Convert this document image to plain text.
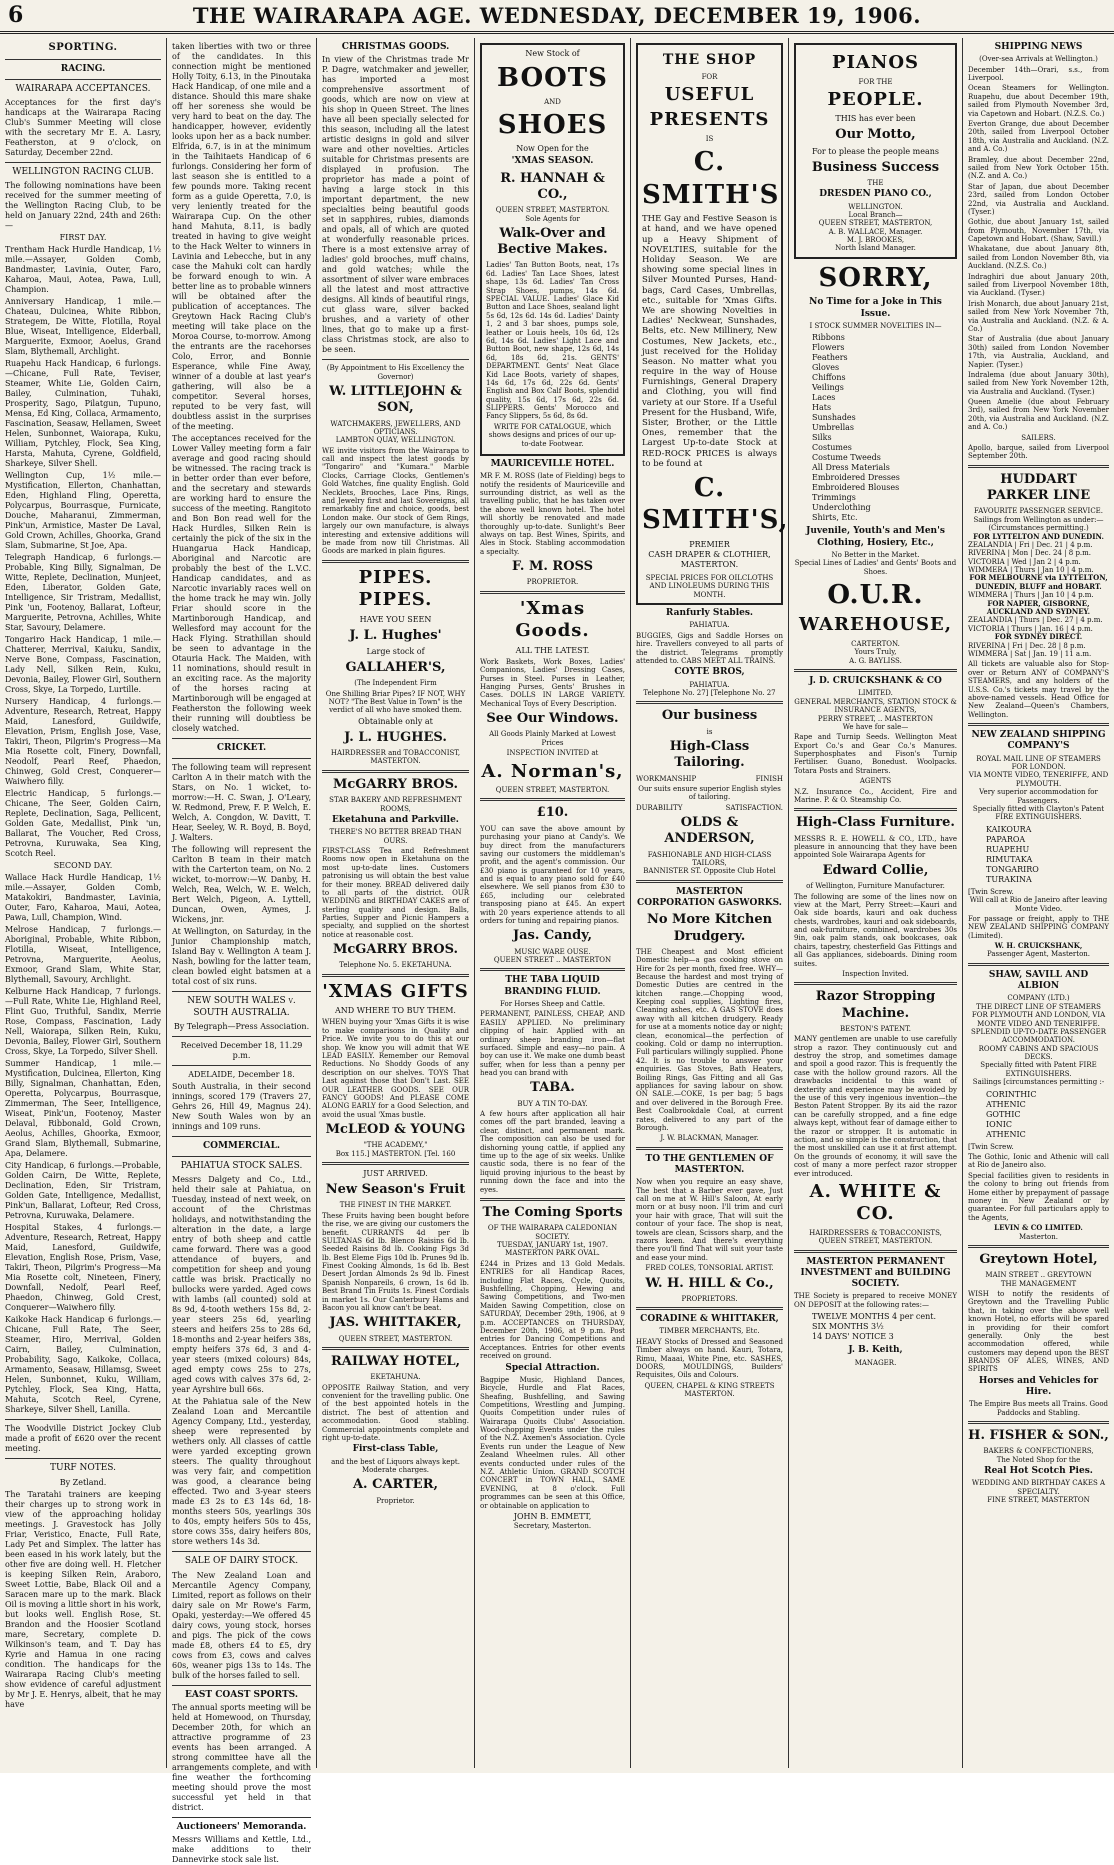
6	THE WAIRARAPA AGE. WEDNESDAY, DECEMBER 19, 1906.
SPORTING.
RACING.
WAIRARAPA ACCEPTANCES.

Acceptances for the first day's handicaps at the Wairarapa Racing Club's Summer Meeting will close with the secretary Mr E. A. Lasry, Featherston, at 9 o'clock, on Saturday, December 22nd.

WELLINGTON RACING CLUB.

The following nominations have been received for the summer meeting of the Wellington Racing Club, to be held on January 22nd, 24th and 26th:—

FIRST DAY.

Trentham Hack Hurdle Handicap, 1½ mile.—Assayer, Golden Comb, Bandmaster, Lavinia, Outer, Faro, Kaharoa, Maui, Aotea, Pawa, Lull, Champion.

Anniversary Handicap, 1 mile.—Chateau, Dulcinea, White Ribbon, Strategem, De Witte, Flotilla, Royal Blue, Wiseat, Intelligence, Elderball, Marguerite, Exmoor, Aoelus, Grand Slam, Blythemall, Archlight.

Ruapehu Hack Handicap, 6 furlongs.—Chicane, Full Rate, Teviser, Steamer, White Lie, Golden Cairn, Bailey, Culmination, Tuhaki, Prosperity, Sago, Pilatgun, Tupuno, Mensa, Ed King, Collaca, Armamento, Fascination, Seasaw, Hellamen, Sweet Helen, Sunbonnet, Waiorapa, Kuku, William, Pytchley, Flock, Sea King, Harsta, Mahuta, Cyrene, Goldfield, Sharkeye, Silver Shell.

Wellington Cup, 1½ mile.—Mystification, Ellerton, Chanhattan, Eden, Highland Fling, Operetta, Polycarpus, Bourrasque, Furnicate, Douche, Maharanui, Zimmerman, Pink'un, Armistice, Master De Laval, Gold Crown, Achilles, Ghoorka, Grand Slam, Submarine, St Joe, Apa.

Telegraph Handicap, 6 furlongs.—Probable, King Billy, Signalman, De Witte, Replete, Declination, Munjeet, Eden, Liberator, Golden Gate, Intelligence, Sir Tristram, Medallist, Pink 'un, Footenoy, Ballarat, Lofteur, Marguerite, Petrovna, Achilles, White Star, Savoury, Delamere.

Tongariro Hack Handicap, 1 mile.—Chatterer, Merrival, Kaiuku, Sandix, Nerve Bone, Compass, Fascination, Lady Nell, Silken Rein, Kuku, Devonia, Bailey, Flower Girl, Southern Cross, Skye, La Torpedo, Lurtille.

Nursery Handicap, 4 furlongs.—Adventure, Research, Retreat, Happy Maid, Lanesford, Guildwife, Elevation, Prism, English Jose, Vase, Takiri, Theon, Pilgrim's Progress—Ma Mia Rosette colt, Finery, Downfall, Neodolf, Pearl Reef, Phaedon, Chinweg, Gold Crest, Conquerer—Waiwhero filly.

Electric Handicap, 5 furlongs.—Chicane, The Seer, Golden Cairn, Replete, Declination, Saga, Pellicent, Golden Gate, Medallist, Pink 'un, Ballarat, The Voucher, Red Cross, Petrovna, Kuruwaka, Sea King, Scotch Reel.

SECOND DAY.

Wallace Hack Hurdle Handicap, 1½ mile.—Assayer, Golden Comb, Matakokiri, Bandmaster, Lavinia, Outer, Faro, Kaharoa, Maui, Aotea, Pawa, Lull, Champion, Wind.

Melrose Handicap, 7 furlongs.—Aboriginal, Probable, White Ribbon, Flotilla, Wiseat, Intelligence, Petrovna, Marguerite, Aeolus, Exmoor, Grand Slam, White Star, Blythemall, Savoury, Archlight.

Kelburne Hack Handicap, 7 furlongs.—Full Rate, White Lie, Highland Reel, Flint Guo, Truthful, Sandix, Merrie Rose, Compass, Fascination, Lady Nell, Waiorapa, Silken Rein, Kuku, Devonia, Bailey, Flower Girl, Southern Cross, Skye, La Torpedo, Silver Shell.

Summer Handicap, 1 mile.—Mystification, Dulcinea, Ellerton, King Billy, Signalman, Chanhattan, Eden, Operetta, Polycarpus, Bourrasque, Zimmerman, The Seer, Intelligence, Wiseat, Pink'un, Footenoy, Master Delaval, Ribbonald, Gold Crown, Aeolus, Achilles, Ghoorka, Exmoor, Grand Slam, Blythemall, Submarine, Apa, Delamere.

City Handicap, 6 furlongs.—Probable, Golden Cairn, De Witte, Replete, Declination, Eden, Sir Tristram, Golden Gate, Intelligence, Medallist, Pink'un, Ballarat, Lofteur, Red Cross, Petrovna, Kuruwaka, Delamere.

Hospital Stakes, 4 furlongs.—Adventure, Research, Retreat, Happy Maid, Lanesford, Guildwife, Elevation, English Rose, Prism, Vase, Takiri, Theon, Pilgrim's Progress—Ma Mia Rosette colt, Nineteen, Finery, Downfall, Nedolf, Pearl Reef, Phaedon, Chinweg, Gold Crest, Conquerer—Waiwhero filly.

Kaikoke Hack Handicap 6 furlongs.—Chicane, Full Rate, The Seer, Steamer, Hiro, Merrival, Golden Cairn, Bailey, Culmination, Probability, Sago, Kaikoke, Collaca, Armamento, Seasaw, Hillamsg, Sweet Helen, Sunbonnet, Kuku, William, Pytchley, Flock, Sea King, Hatta, Mahuta, Scotch Reel, Cyrene, Sharkeye, Silver Shell, Lanilla.

The Woodville District Jockey Club made a profit of £620 over the recent meeting.

TURF NOTES.
By Zetland.

The Taratahi trainers are keeping their charges up to strong work in view of the approaching holiday meetings. J. Gravestock has Jolly Friar, Veristico, Enacte, Full Rate, Lady Pet and Simplex. The latter has been eased in his work lately, but the other five are doing well. H. Fletcher is keeping Silken Rein, Araboro, Sweet Lottie, Babe, Black Oil and a Saracen mare up to the mark. Black Oil is moving a little short in his work, but looks well. English Rose, St. Brandon and the Hoosier Scotland mare, Secretary, complete D. Wilkinson's team, and T. Day has Kyrie and Hamua in one racing condition. The handicaps for the Wairarapa Racing Club's meeting show evidence of careful adjustment by Mr J. E. Henrys, albeit, that he may have

taken liberties with two or three of the candidates. In this connection might be mentioned Holly Toity, 6.13, in the Pinoutaka Hack Handicap, of one mile and a distance. Should this mare shake off her soreness she would be very hard to beat on the day. The handicapper, however, evidently looks upon her as a back number. Elfrida, 6.7, is in at the minimum in the Taihitaets Handicap of 6 furlongs. Considering her form of last season she is entitled to a few pounds more. Taking recent form as a guide Operetta, 7.0, is very leniently treated for the Wairarapa Cup. On the other hand Mahuta, 8.11, is badly treated in having to give weight to the Hack Welter to winners in Lavinia and Lebecche, but in any case the Mahuki colt can hardly be forward enough to win. A better line as to probable winners will be obtained after the publication of acceptances. The Greytown Hack Racing Club's meeting will take place on the Moroa Course, to-morrow. Among the entrants are the racehorses Colo, Error, and Bonnie Esperance, while Fine Away, winner of a double at last year's gathering, will also be a competitor. Several horses, reputed to be very fast, will doubtless assist in the surprises of the meeting.

The acceptances received for the Lower Valley meeting form a fair average and good racing should be witnessed. The racing track is in better order than ever before, and the secretary and stewards are working hard to ensure the success of the meeting. Rangitoto and Bon Bon read well for the Hack Hurdles, Silken Rein is certainly the pick of the six in the Huangarua Hack Handicap, Aboriginal and Narcotic are probably the best of the L.V.C. Handicap candidates, and as Narcotic invariably races well on the home track he may win. Jolly Friar should score in the Martinborough Handicap, and Wellesford may account for the Hack Flying. Strathillan should be seen to advantage in the Otauria Hack. The Maiden, with 11 nominations, should result in an exciting race. As the majority of the horses racing at Martinborough will be engaged at Featherston the following week their running will doubtless be closely watched.

CRICKET.

The following team will represent Carlton A in their match with the Stars, on No. 1 wicket, to-morrow:—H. C. Swan, J. O'Leary, W. Redmond, Prew, F. P. Welch, E. Welch, A. Congdon, W. Davitt, T. Hear, Seeley, W. R. Boyd, B. Boyd, J. Walters.

The following will represent the Carlton B team in their match with the Carterton team, on No. 2 wicket, to-morrow:—W. Danby, H. Welch, Rea, Welch, W. E. Welch, Bert Welch, Pigeon, A. Lyttell, Duncan, Owen, Aymes, J. Wickens, jnr.

At Wellington, on Saturday, in the Junior Championship match, Island Bay v. Wellington A team J. Nash, bowling for the latter team, clean bowled eight batsmen at a total cost of six runs.

NEW SOUTH WALES v. SOUTH AUSTRALIA.
By Telegraph—Press Association.
Received December 18, 11.29 p.m.
ADELAIDE, December 18.

South Australia, in their second innings, scored 179 (Travers 27, Gehrs 26, Hill 49, Magnus 24). New South Wales won by an innings and 109 runs.

COMMERCIAL.
PAHIATUA STOCK SALES.

Messrs Dalgety and Co., Ltd., held their sale at Pahiatua, on Tuesday, instead of next week, on account of the Christmas holidays, and notwithstanding the alteration in the date, a large entry of both sheep and cattle came forward. There was a good attendance of buyers, and competition for sheep and young cattle was brisk. Practically no bullocks were yarded. Aged cows with lambs (all counted) sold at 8s 9d, 4-tooth wethers 15s 8d, 2-year steers 25s 6d, yearling steers and heifers 25s to 28s 6d, 18-months and 2-year heifers 38s, empty heifers 37s 6d, 3 and 4-year steers (mixed colours) 84s, aged empty cows 25s to 27s, aged cows with calves 37s 6d, 2-year Ayrshire bull 66s.

At the Pahiatua sale of the New Zealand Loan and Mercantile Agency Company, Ltd., yesterday, sheep were represented by wethers only. All classes of cattle were yarded excepting grown steers. The quality throughout was very fair, and competition was good, a clearance being effected. Two and 3-year steers made £3 2s to £3 14s 6d, 18-months steers 50s, yearlings 30s to 40s, empty heifers 50s to 45s, store cows 35s, dairy heifers 80s, store wethers 14s 3d.

SALE OF DAIRY STOCK.

The New Zealand Loan and Mercantile Agency Company, Limited, report as follows on their dairy sale on Mr Rowe's Farm, Opaki, yesterday:—We offered 45 dairy cows, young stock, horses and pigs. The pick of the cows made £8, others £4 to £5, dry cows from £3, cows and calves 60s, weaner pigs 13s to 14s. The bulk of the horses failed to sell.

EAST COAST SPORTS.

The annual sports meeting will be held at Homewood, on Thursday, December 20th, for which an attractive programme of 23 events has been arranged. A strong committee have all the arrangements complete, and with fine weather the forthcoming meeting should prove the most successful yet held in that district.

Auctioneers' Memoranda.

Messrs Williams and Kettle, Ltd., make additions to their Dannevirke stock sale list.

CHRISTMAS GOODS.

In view of the Christmas trade Mr P. Dagre, watchmaker and jeweller, has imported a most comprehensive assortment of goods, which are now on view at his shop in Queen Street. The lines have all been specially selected for this season, including all the latest artistic designs in gold and silver ware and other novelties. Articles suitable for Christmas presents are displayed in profusion. The proprietor has made a point of having a large stock in this important department, the new specialties being beautiful goods set in sapphires, rubies, diamonds and opals, all of which are quoted at wonderfully reasonable prices. There is a most extensive array of ladies' gold brooches, muff chains, and gold watches; while the assortment of silver ware embraces all the latest and most attractive designs. All kinds of beautiful rings, cut glass ware, silver backed brushes, and a variety of other lines, that go to make up a first-class Christmas stock, are also to be seen.

(By Appointment to His Excellency the Governor)
W. LITTLEJOHN & SON,
WATCHMAKERS, JEWELLERS, AND OPTICIANS.
LAMBTON QUAY, WELLINGTON.

WE invite visitors from the Wairarapa to call and inspect the latest goods by "Tongariro" and "Kumara." Marble Clocks, Carriage Clocks, Gentlemen's Gold Watches, fine quality English. Gold Necklets, Brooches, Lace Pins, Rings, and Jewelry first and last Sovereigns, all remarkably fine and choice, goods, best London make. Our stock of Gem Rings, largely our own manufacture, is always interesting and extensive additions will be made from now till Christmas. All Goods are marked in plain figures.

PIPES. PIPES.
HAVE YOU SEEN
J. L. Hughes'
Large stock of
GALLAHER'S,
(The Independent Firm

One Shilling Briar Pipes? IF NOT, WHY NOT? "The Best Value in Town" is the verdict of all who have smoked them.

Obtainable only at
J. L. HUGHES.
HAIRDRESSER and TOBACCONIST, MASTERTON.
McGARRY BROS.
STAR BAKERY AND REFRESHMENT ROOMS,
Eketahuna and Parkville.
THERE'S NO BETTER BREAD THAN OURS.

FIRST-CLASS Tea and Refreshment Rooms now open in Eketahuna on the most up-to-date lines. Customers patronising us will obtain the best value for their money. BREAD delivered daily to all parts of the district. OUR WEDDING and BIRTHDAY CAKES are of sterling quality and design. Balls, Parties, Supper and Picnic Hampers a specialty, and supplied on the shortest notice at reasonable cost.

McGARRY BROS.
Telephone No. 5. EKETAHUNA.
'XMAS GIFTS
AND WHERE TO BUY THEM.

WHEN buying your 'Xmas Gifts it is wise to make comparisons in Quality and Price. We invite you to do this at our shop. We know you will admit that WE LEAD EASILY. Remember our Removal Reductions. No Shoddy Goods of any description on our shelves. TOYS That Last against those that Don't Last. SEE OUR LEATHER GOODS. SEE OUR FANCY GOODS! And PLEASE COME ALONG EARLY for a Good Selection, and avoid the usual 'Xmas bustle.

McLEOD & YOUNG
"THE ACADEMY,"
Box 115.] MASTERTON. [Tel. 160
JUST ARRIVED.
New Season's Fruit
THE FINEST IN THE MARKET.

These Fruits having been bought before the rise, we are giving our customers the benefit. CURRANTS 4d per lb SULTANAS 6d lb. Blenco Raisins 6d lb. Seeded Raisins 8d lb. Cooking Figs 3d lb. Best Eleme Figs 10d lb. Prunes 9d lb. Finest Cooking Almonds, 1s 6d lb. Best Desert Jordan Almonds 2s 9d lb. Finest Spanish Nonpareils, 6 crown, 1s 6d lb. Best Brand Tin Fruits 1s. Finest Cordials in market 1s. Our Canterbury Hams and Bacon you all know can't be beat.

JAS. WHITTAKER,
QUEEN STREET, MASTERTON.
RAILWAY HOTEL,
EKETAHUNA.

OPPOSITE Railway Station, and very convenient for the travelling public. One of the best appointed hotels in the district. The best of attention and accommodation. Good stabling. Commercial appointments complete and right up-to-date.

First-class Table,
and the best of Liquors always kept. Moderate charges.
A. CARTER,
Proprietor.
New Stock of
BOOTS
AND
SHOES
Now Open for the
'XMAS SEASON.
R. HANNAH & CO.,
QUEEN STREET, MASTERTON.
Sole Agents for
Walk-Over and Bective Makes.

Ladies' Tan Button Boots, neat, 17s 6d. Ladies' Tan Lace Shoes, latest shape, 13s 6d. Ladies' Tan Cross Strap Shoes, pumps, 14s 6d. SPECIAL VALUE. Ladies' Glace Kid Button and Lace Shoes, sealand light 5s 6d, 12s 6d. 14s 6d. Ladies' Dainty 1, 2 and 3 bar shoes, pumps sole, leather or Louis heels, 10s 6d, 12s 6d, 14s 6d. Ladies' Light Lace and Button Boot, new shape, 12s 6d, 14s 6d, 18s 6d, 21s. GENTS' DEPARTMENT. Gents' Neat Glace Kid Lace Boots, variety of shapes, 14s 6d, 17s 6d, 22s 6d. Gents' English and Box Calf Boots, splendid quality, 15s 6d, 17s 6d, 22s 6d. SLIPPERS. Gents' Morocco and Fancy Slippers, 5s 6d, 8s 6d.

WRITE FOR CATALOGUE, which shows designs and prices of our up-to-date Footwear.

MAURICEVILLE HOTEL.

MR F. M. ROSS (late of Fielding) begs to notify the residents of Mauriceville and surrounding district, as well as the travelling public, that he has taken over the above well known hotel. The hotel will shortly be renovated and made thoroughly up-to-date. Sunlight's Beer always on tap. Best Wines, Spirits, and Ales in Stock. Stabling accommodation a specialty.

F. M. ROSS
PROPRIETOR.
'Xmas Goods.
ALL THE LATEST.

Work Baskets, Work Boxes, Ladies' Companions, Ladies' Dressing Cases, Purses in Steel. Purses in Leather, Hanging Purses, Gents' Brushes in Cases. DOLLS IN LARGE VARIETY. Mechanical Toys of Every Description.

See Our Windows.

All Goods Plainly Marked at Lowest Prices

INSPECTION INVITED at
A. Norman's,
QUEEN STREET, MASTERTON.
£10.

YOU can save the above amount by purchasing your piano at Candy's. We buy direct from the manufacturers saving our customers the middleman's profit, and the agent's commission. Our £30 piano is guaranteed for 10 years, and is equal to any piano sold for £40 elsewhere. We sell pianos from £30 to £65, including our celebrated transposing piano at £45. An expert with 20 years experience attends to all orders for tuning and repairing pianos.

Jas. Candy,
MUSIC WARE OUSE.
QUEEN STREET .. MASTERTON
THE TABA LIQUID BRANDING FLUID.
For Horses Sheep and Cattle.

PERMANENT, PAINLESS, CHEAP, AND EASILY APPLIED. No preliminary clipping of hair. Applied with an ordinary sheep branding iron—flat surfaced. Simple and easy—no pain. A boy can use it. We make one dumb beast suffer, when for less than a penny per head you can brand with

TABA.
BUY A TIN TO-DAY.

A few hours after application all hair comes off the part branded, leaving a clear, distinct, and permanent mark. The composition can also be used for dishorning young cattle, if applied any time up to the age of six weeks. Unlike caustic soda, there is no fear of the liquid proving injurious to the beast by running down the face and into the eyes.

The Coming Sports
OF THE WAIRARAPA CALEDONIAN SOCIETY.
TUESDAY, JANUARY 1st, 1907. MASTERTON PARK OVAL.

£244 in Prizes and 13 Gold Medals. ENTRIES for all Handicap Races, including Flat Races, Cycle, Quoits, Bushfelling, Chopping, Hewing and Sawing Competitions, and Two-men Maiden Sawing Competition, close on SATURDAY, December 29th, 1906, at 9 p.m. ACCEPTANCES on THURSDAY, December 20th, 1906, at 9 p.m. Post entries for Dancing Competitions and Acceptances. Entries for other events received on ground.

Special Attraction.

Bagpipe Music, Highland Dances, Bicycle, Hurdle and Flat Races, Sheafing, Bushfelling, and Sawing Competitions, Wrestling and Jumping. Quoits Competition under rules of Wairarapa Quoits Clubs' Association. Wood-chopping Events under the rules of the N.Z. Axemen's Association. Cycle Events run under the League of New Zealand Wheelmen rules. All other events conducted under rules of the N.Z. Athletic Union. GRAND SCOTCH CONCERT in TOWN HALL, SAME EVENING, at 8 o'clock. Full programmes can be seen at this Office, or obtainable on application to

JOHN B. EMMETT,
Secretary, Masterton.
THE SHOP
FOR
USEFUL
PRESENTS
IS
C. SMITH'S

THE Gay and Festive Season is at hand, and we have opened up a Heavy Shipment of NOVELTIES, suitable for the Holiday Season. We are showing some special lines in Silver Mounted Purses, Hand-bags, Card Cases, Umbrellas, etc., suitable for 'Xmas Gifts. We are showing Novelties in Ladies' Neckwear, Sunshades, Belts, etc. New Millinery, New Costumes, New Jackets, etc., just received for the Holiday Season. No matter what you require in the way of House Furnishings, General Drapery and Clothing, you will find variety at our Store. If a Useful Present for the Husband, Wife, Sister, Brother, or the Little Ones, remember that the Largest Up-to-date Stock at RED-ROCK PRICES is always to be found at

C. SMITH'S,
PREMIER
CASH DRAPER & CLOTHIER,
MASTERTON.
SPECIAL PRICES FOR OILCLOTHS AND LINOLEUMS DURING THIS MONTH.
Ranfurly Stables.
PAHIATUA.

BUGGIES, Gigs and Saddle Horses on hire. Travellers conveyed to all parts of the district. Telegrams promptly attended to. CABS MEET ALL TRAINS.

COYTE BROS,
PAHIATUA.
Telephone No. 27] [Telephone No. 27
Our business
is
High-Class Tailoring.
WORKMANSHIP	FINISH

Our suits ensure superior English styles of tailoring.

DURABILITY	SATISFACTION.
OLDS & ANDERSON,
FASHIONABLE AND HIGH-CLASS TAILORS,
BANNISTER ST. Opposite Club Hotel
MASTERTON CORPORATION GASWORKS.
No More Kitchen Drudgery.

THE Cheapest and Most efficient Domestic help—a gas cooking stove on Hire for 2s per month, fixed free. WHY—Because the hardest and most trying of Domestic Duties are centred in the kitchen range.—Chopping wood, Keeping coal supplies, Lighting fires, Cleaning ashes, etc. A GAS STOVE does away with all kitchen drudgery. Ready for use at a moments notice day or night; clean, economical—the perfection of cooking. Cold or damp no interruption. Full particulars willingly supplied. Phone 42. It is no trouble to answer your enquiries. Gas Stoves, Bath Heaters, Boiling Rings, Gas Fitting and all Gas appliances for saving labour on show. ON SALE.—COKE, 1s per bag; 5 bags and over delivered in the Borough Free. Best Coalbrookdale Coal, at current rates, delivered to any part of the Borough.

J. W. BLACKMAN, Manager.
TO THE GENTLEMEN OF MASTERTON.

Now when you require an easy shave, The best that a Barber ever gave, Just call on me at W. Hill's Saloon, At early morn or at busy noon. I'll trim and curl your hair with grace, That will suit the contour of your face. The shop is neat, towels are clean, Scissors sharp, and the razors keen. And there's everything there you'll find That will suit your taste and ease your mind.

FRED COLES, TONSORIAL ARTIST.
W. H. HILL & Co.,
PROPRIETORS.
CORADINE & WHITTAKER,
TIMBER MERCHANTS, Etc.

HEAVY Stocks of Dressed and Seasoned Timber always on hand. Kauri, Totara, Rimu, Maaai, White Pine, etc. SASHES, DOORS, MOULDINGS, Builders' Requisites, Oils and Colours.

QUEEN, CHAPEL & KING STREETS MASTERTON.
PIANOS
FOR THE
PEOPLE.
THIS has ever been
Our Motto,
For to please the people means
Business Success
THE
DRESDEN PIANO CO.,
WELLINGTON.
Local Branch—
QUEEN STREET, MASTERTON,
A. B. WALLACE, Manager.
M. J. BROOKES,
North Island Manager.
SORRY,
No Time for a Joke in This Issue.
I STOCK SUMMER NOVELTIES IN—
Ribbons
Flowers
Feathers
Gloves
Chiffons
Veilings
Laces
Hats
Sunshades
Umbrellas
Silks
Costumes
Costume Tweeds
All Dress Materials
Embroidered Dresses
Embroidered Blouses
Trimmings
Underclothing
Shirts, Etc.
Juvenile, Youth's and Men's Clothing, Hosiery, Etc.,
No Better in the Market.
Special Lines of Ladies' and Gents' Boots and Shoes.
O.U.R.
WAREHOUSE,
CARTERTON.
Yours Truly,
A. G. BAYLISS.
J. D. CRUICKSHANK & CO
LIMITED.
GENERAL MERCHANTS, STATION STOCK & INSURANCE AGENTS,
PERRY STREET, .. MASTERTON
We have for sale—

Rape and Turnip Seeds. Wellington Meat Export Co.'s and Gear Co.'s Manures. Superphosphates and Fison's Turnip Fertiliser. Guano, Bonedust. Woolpacks. Totara Posts and Strainers.

AGENTS

N.Z. Insurance Co., Accident, Fire and Marine. P. & O. Steamship Co.

High-Class Furniture.

MESSRS R. E. HOWELL & CO., LTD., have pleasure in announcing that they have been appointed Sole Wairarapa Agents for

Edward Collie,
of Wellington, Furniture Manufacturer.

The following are some of the lines now on view at the Mart, Perry Street:—Kauri and Oak side boards, kauri and oak duchess chests, wardrobes, kauri and oak sideboards, and oak-furniture, combined, wardrobes 30s 9in, oak palm stands, oak bookcases, oak chairs, tapestry, chesterfield Gas Fittings and all Gas appliances, sideboards. Dining room suites.

Inspection Invited.
Razor Stropping Machine.
BESTON'S PATENT.

MANY gentlemen are unable to use carefully strop a razor. They continuously cut and destroy the strop, and sometimes damage and spoil a good razor. This is frequently the case with the hollow ground razors. All the drawbacks incidental to this want of dexterity and experience may be avoided by the use of this very ingenious invention—the Beston Patent Stropper. By its aid the razor can be carefully stropped, and a fine edge always kept, without fear of damage either to the razor or stropper. It is automatic in action, and so simple is the construction, that the most unskilled can use it at first attempt. On the grounds of economy, it will save the cost of many a more perfect razor stropper ever introduced.

A. WHITE & CO.
HAIRDRESSERS & TOBACCONISTS,
QUEEN STREET, MASTERTON.
MASTERTON PERMANENT INVESTMENT and BUILDING SOCIETY.

THE Society is prepared to receive MONEY ON DEPOSIT at the following rates:—

TWELVE MONTHS 4 per cent.
SIX MONTHS 3½
14 DAYS' NOTICE 3
J. B. Keith,
MANAGER.
SHIPPING NEWS
(Over-sea Arrivals at Wellington.)

December 14th—Orari, s.s., from Liverpool.

Ocean Steamers for Wellington. Ruapehu, due about December 19th, sailed from Plymouth November 3rd, via Capetown and Hobart. (N.Z.S. Co.)

Everton Grange, due about December 20th, sailed from Liverpool October 18th, via Australia and Auckland. (N.Z. and A. Co.)

Bramley, due about December 22nd, sailed from New York October 15th. (N.Z. and A. Co.)

Star of Japan, due about December 23rd, sailed from London October 22nd, via Australia and Auckland. (Tyser.)

Gothic, due about January 1st, sailed from Plymouth, November 17th, via Capetown and Hobart. (Shaw, Savill.)

Whakatane, due about January 8th, sailed from London November 8th, via Auckland. (N.Z.S. Co.)

Indraghiri due about January 20th, sailed from Liverpool November 18th, via Auckland. (Tyser.)

Irish Monarch, due about January 21st, sailed from New York November 7th, via Australia and Auckland. (N.Z. & A. Co.)

Star of Australia (due about January 30th) sailed from London November 17th, via Australia, Auckland, and Napier. (Tyser.)

Indralema (due about January 30th), sailed from New York November 12th, via Australia and Auckland. (Tyser.)

Queen Amelie (due about February 3rd), sailed from New York November 20th, via Australia and Auckland. (N.Z. and A. Co.)

SAILERS.

Apollo, barque, sailed from Liverpool September 20th.

HUDDART PARKER LINE
FAVOURITE PASSENGER SERVICE.
Sailings from Wellington as under:—
(Circumstances permitting.)
FOR LYTTELTON AND DUNEDIN.
ZEALANDIA | Fri | Dec. 21 | 4 p.m.
RIVERINA | Mon | Dec. 24 | 8 p.m.
VICTORIA | Wed | Jan 2 | 4 p.m.
WIMMERA | Thurs | Jan 10 | 4 p.m.
FOR MELBOURNE via LYTTELTON, DUNEDIN, BLUFF and HOBART.
WIMMERA | Thurs | Jan 10 | 4 p.m.
FOR NAPIER, GISBORNE, AUCKLAND AND SYDNEY.
ZEALANDIA | Thurs | Dec. 27 | 4 p.m.
VICTORIA | Thurs | Jan. 16 | 4 p.m.
FOR SYDNEY DIRECT.
RIVERINA | Fri | Dec. 28 | 8 p.m.
WIMMERA | Sat | Jan. 19 | 11 a.m.

All tickets are valuable also for Stop-over or Return ANY of COMPANY'S STEAMERS, and any holders of the U.S.S. Co.'s tickets may travel by the above-named vessels. Head Office for New Zealand—Queen's Chambers, Wellington.

NEW ZEALAND SHIPPING COMPANY'S
ROYAL MAIL LINE OF STEAMERS FOR LONDON.
VIA MONTE VIDEO, TENERIFFE, AND PLYMOUTH.
Very superior accommodation for Passengers.
Specially fitted with Clayton's Patent FIRE EXTINGUISHERS.
KAIKOURA
PAPAROA
RUAPEHU
RIMUTAKA
TONGARIRO
TURAKINA
[Twin Screw.
Will call at Rio de Janeiro after leaving Monte Video.

For passage or freight, apply to THE NEW ZEALAND SHIPPING COMPANY (Limited).

W. H. CRUICKSHANK,
Passenger Agent, Masterton.
SHAW, SAVILL AND ALBION
COMPANY (LTD.)
THE DIRECT LINE OF STEAMERS FOR PLYMOUTH AND LONDON, VIA MONTE VIDEO AND TENERIFFE.
SPLENDID UP-TO-DATE PASSENGER ACCOMMODATION.
ROOMY CABINS AND SPACIOUS DECKS.
Specially fitted with Patent FIRE EXTINGUISHERS.
Sailings [circumstances permitting :-
CORINTHIC
ATHENIC
GOTHIC
IONIC
ATHENIC
[Twin Screw.

The Gothic, Ionic and Athenic will call at Rio de Janeiro also.

Special facilities given to residents in the colony to bring out friends from Home either by prepayment of passage money in New Zealand or by guarantee. For full particulars apply to the Agents,

LEVIN & CO LIMITED.
Masterton.
Greytown Hotel,
MAIN STREET .. GREYTOWN
THE MANAGEMENT

WISH to notify the residents of Greytown and the Travelling Public that, in taking over the above well known Hotel, no efforts will be spared in providing for their comfort generally. Only the best accommodation offered, while customers may depend upon the BEST BRANDS OF ALES, WINES, AND SPIRITS

Horses and Vehicles for Hire.
The Empire Bus meets all Trains. Good Paddocks and Stabling.
H. FISHER & SON.,
BAKERS & CONFECTIONERS,
The Noted Shop for the
Real Hot Scotch Pies.
WEDDING AND BIRTHDAY CAKES A SPECIALTY.
FINE STREET, MASTERTON
